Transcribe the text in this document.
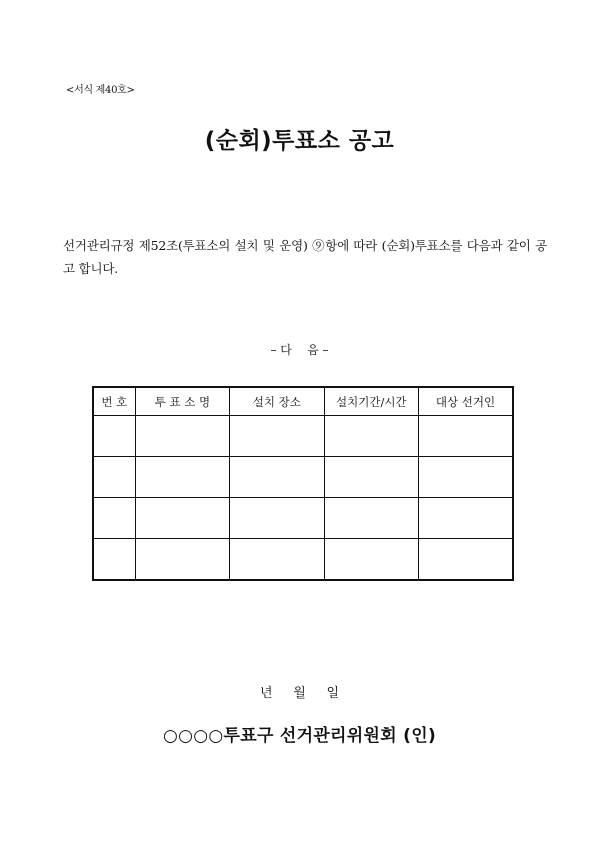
<서식 제40호>
(순회)투표소 공고
선거관리규정 제52조(투표소의 설치 및 운영) ⑨항에 따라 (순회)투표소를 다음과 같이 공고 합니다.
– 다    음 –
번 호	투 표 소 명	설치 장소	설치기간/시간	대상 선거인

년     월     일
○○○○투표구 선거관리위원회 (인)
